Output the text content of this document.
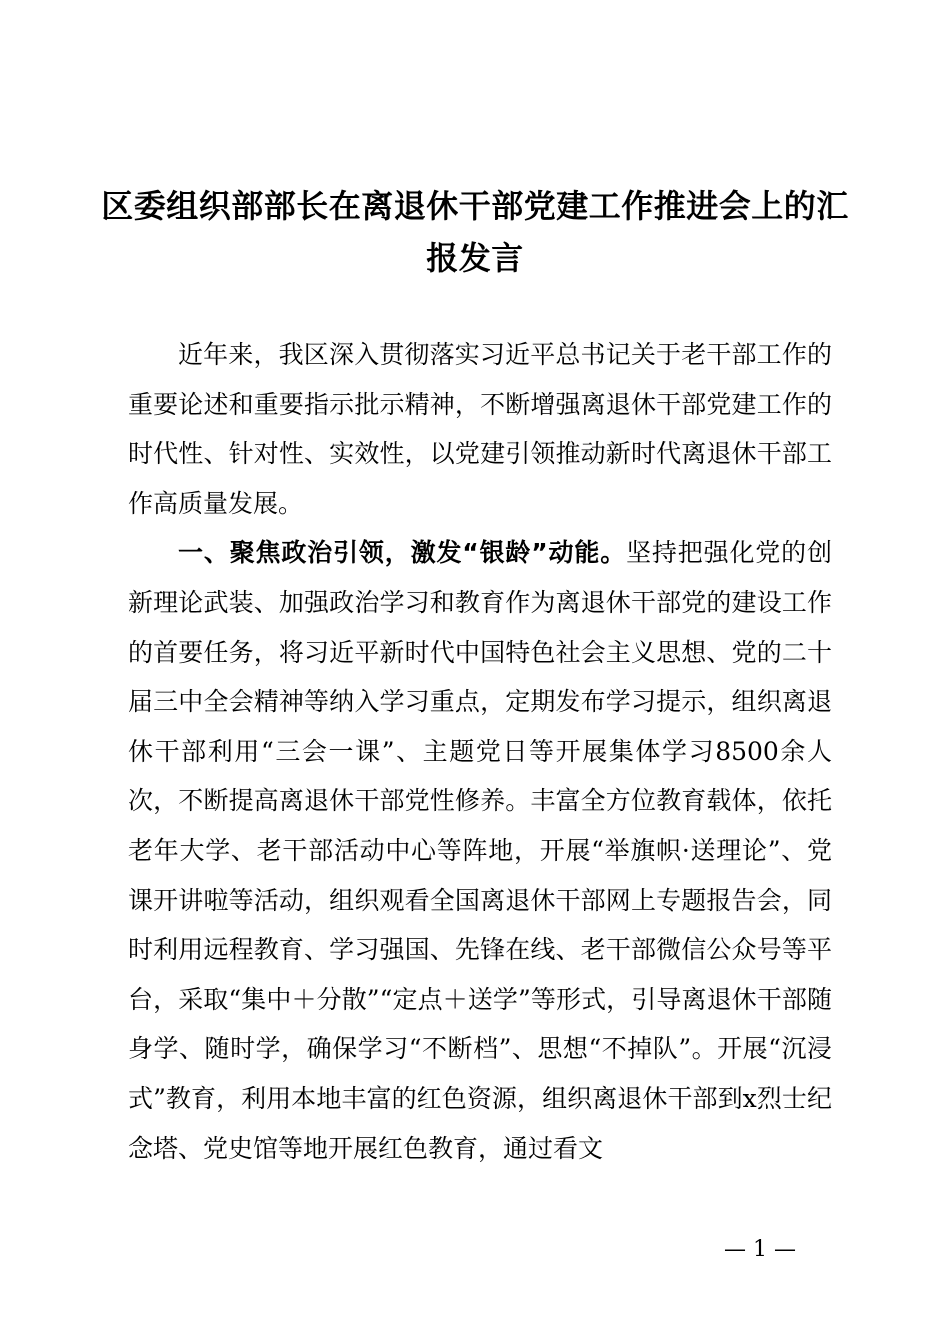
区委组织部部长在离退休干部党建工作推进会上的汇报发言

近年来，我区深入贯彻落实习近平总书记关于老干部工作的重要论述和重要指示批示精神，不断增强离退休干部党建工作的时代性、针对性、实效性，以党建引领推动新时代离退休干部工作高质量发展。

一、聚焦政治引领，激发“银龄”动能。坚持把强化党的创新理论武装、加强政治学习和教育作为离退休干部党的建设工作的首要任务，将习近平新时代中国特色社会主义思想、党的二十届三中全会精神等纳入学习重点，定期发布学习提示，组织离退休干部利用“三会一课”、主题党日等开展集体学习8500余人次，不断提高离退休干部党性修养。丰富全方位教育载体，依托老年大学、老干部活动中心等阵地，开展“举旗帜·送理论”、党课开讲啦等活动，组织观看全国离退休干部网上专题报告会，同时利用远程教育、学习强国、先锋在线、老干部微信公众号等平台，采取“集中＋分散”“定点＋送学”等形式，引导离退休干部随身学、随时学，确保学习“不断档”、思想“不掉队”。开展“沉浸式”教育，利用本地丰富的红色资源，组织离退休干部到x烈士纪念塔、党史馆等地开展红色教育，通过看文

— 1 —
